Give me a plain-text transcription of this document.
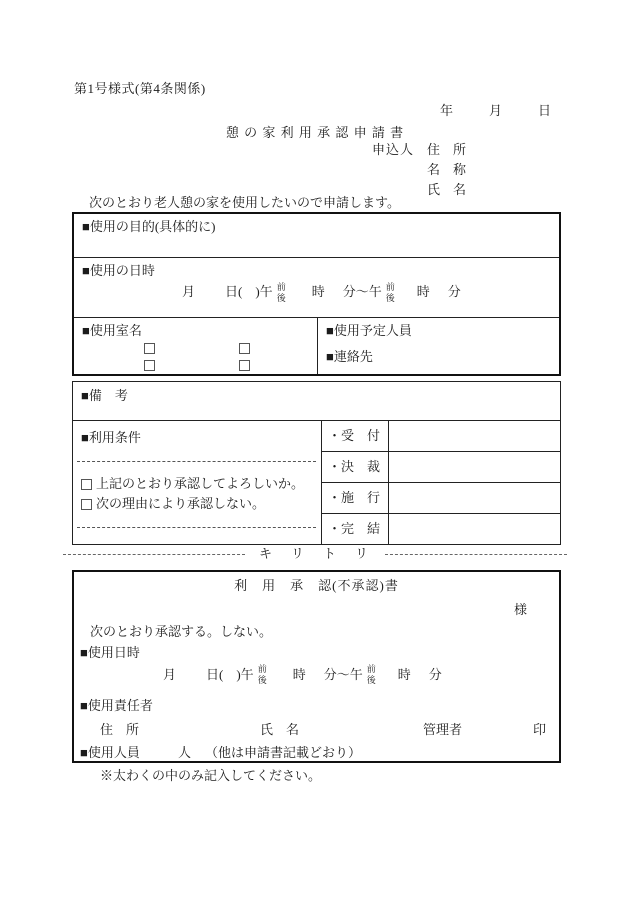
第1号様式(第4条関係)
年	月	日
憩 の 家 利 用 承 認 申 請 書
申込人 住　所
名　称
氏　名
次のとおり老人憩の家を使用したいので申請します。
■使用の目的(具体的に)
■使用の日時
月 日(　)午 前
後 時 分～午 前
後 時 分
■使用室名	■使用予定人員
■連絡先
■備　考
■利用条件
上記のとおり承認してよろしいか。
次の理由により承認しない。
・受　付
・決　裁
・施　行
・完　結
キ　リ　ト　リ
利　用　承　認(不承認)書
様
次のとおり承認する。しない。
■使用日時
月 日(　)午 前
後 時 分～午 前
後 時 分
■使用責任者
住　所	氏　名	管理者	印
■使用人員	人 （他は申請書記載どおり）
※太わくの中のみ記入してください。
